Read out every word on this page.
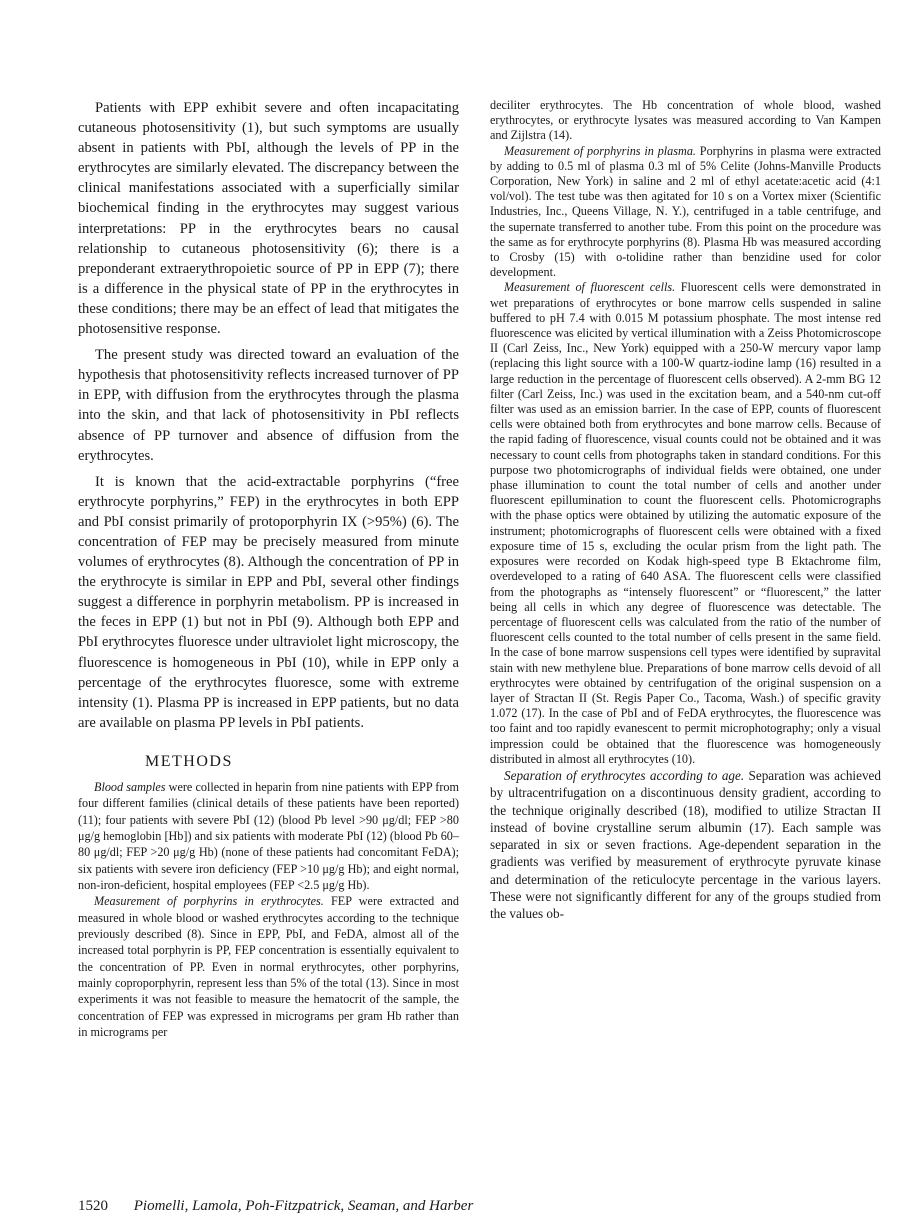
Patients with EPP exhibit severe and often incapacitating cutaneous photosensitivity (1), but such symptoms are usually absent in patients with PbI, although the levels of PP in the erythrocytes are similarly elevated. The discrepancy between the clinical manifestations associated with a superficially similar biochemical finding in the erythrocytes may suggest various interpretations: PP in the erythrocytes bears no causal relationship to cutaneous photosensitivity (6); there is a preponderant extraerythropoietic source of PP in EPP (7); there is a difference in the physical state of PP in the erythrocytes in these conditions; there may be an effect of lead that mitigates the photosensitive response.

The present study was directed toward an evaluation of the hypothesis that photosensitivity reflects increased turnover of PP in EPP, with diffusion from the erythrocytes through the plasma into the skin, and that lack of photosensitivity in PbI reflects absence of PP turnover and absence of diffusion from the erythrocytes.

It is known that the acid-extractable porphyrins (“free erythrocyte porphyrins,” FEP) in the erythrocytes in both EPP and PbI consist primarily of protoporphyrin IX (>95%) (6). The concentration of FEP may be precisely measured from minute volumes of erythrocytes (8). Although the concentration of PP in the erythrocyte is similar in EPP and PbI, several other findings suggest a difference in porphyrin metabolism. PP is increased in the feces in EPP (1) but not in PbI (9). Although both EPP and PbI erythrocytes fluoresce under ultraviolet light microscopy, the fluorescence is homogeneous in PbI (10), while in EPP only a percentage of the erythrocytes fluoresce, some with extreme intensity (1). Plasma PP is increased in EPP patients, but no data are available on plasma PP levels in PbI patients.

METHODS

Blood samples were collected in heparin from nine patients with EPP from four different families (clinical details of these patients have been reported) (11); four patients with severe PbI (12) (blood Pb level >90 μg/dl; FEP >80 μg/g hemoglobin [Hb]) and six patients with moderate PbI (12) (blood Pb 60–80 μg/dl; FEP >20 μg/g Hb) (none of these patients had concomitant FeDA); six patients with severe iron deficiency (FEP >10 μg/g Hb); and eight normal, non-iron-deficient, hospital employees (FEP <2.5 μg/g Hb).

Measurement of porphyrins in erythrocytes. FEP were extracted and measured in whole blood or washed erythrocytes according to the technique previously described (8). Since in EPP, PbI, and FeDA, almost all of the increased total porphyrin is PP, FEP concentration is essentially equivalent to the concentration of PP. Even in normal erythrocytes, other porphyrins, mainly coproporphyrin, represent less than 5% of the total (13). Since in most experiments it was not feasible to measure the hematocrit of the sample, the concentration of FEP was expressed in micrograms per gram Hb rather than in micrograms per

deciliter erythrocytes. The Hb concentration of whole blood, washed erythrocytes, or erythrocyte lysates was measured according to Van Kampen and Zijlstra (14).

Measurement of porphyrins in plasma. Porphyrins in plasma were extracted by adding to 0.5 ml of plasma 0.3 ml of 5% Celite (Johns-Manville Products Corporation, New York) in saline and 2 ml of ethyl acetate:acetic acid (4:1 vol/vol). The test tube was then agitated for 10 s on a Vortex mixer (Scientific Industries, Inc., Queens Village, N. Y.), centrifuged in a table centrifuge, and the supernate transferred to another tube. From this point on the procedure was the same as for erythrocyte porphyrins (8). Plasma Hb was measured according to Crosby (15) with o-tolidine rather than benzidine used for color development.

Measurement of fluorescent cells. Fluorescent cells were demonstrated in wet preparations of erythrocytes or bone marrow cells suspended in saline buffered to pH 7.4 with 0.015 M potassium phosphate. The most intense red fluorescence was elicited by vertical illumination with a Zeiss Photomicroscope II (Carl Zeiss, Inc., New York) equipped with a 250-W mercury vapor lamp (replacing this light source with a 100-W quartz-iodine lamp (16) resulted in a large reduction in the percentage of fluorescent cells observed). A 2-mm BG 12 filter (Carl Zeiss, Inc.) was used in the excitation beam, and a 540-nm cut-off filter was used as an emission barrier. In the case of EPP, counts of fluorescent cells were obtained both from erythrocytes and bone marrow cells. Because of the rapid fading of fluorescence, visual counts could not be obtained and it was necessary to count cells from photographs taken in standard conditions. For this purpose two photomicrographs of individual fields were obtained, one under phase illumination to count the total number of cells and another under fluorescent epillumination to count the fluorescent cells. Photomicrographs with the phase optics were obtained by utilizing the automatic exposure of the instrument; photomicrographs of fluorescent cells were obtained with a fixed exposure time of 15 s, excluding the ocular prism from the light path. The exposures were recorded on Kodak high-speed type B Ektachrome film, overdeveloped to a rating of 640 ASA. The fluorescent cells were classified from the photographs as “intensely fluorescent” or “fluorescent,” the latter being all cells in which any degree of fluorescence was detectable. The percentage of fluorescent cells was calculated from the ratio of the number of fluorescent cells counted to the total number of cells present in the same field. In the case of bone marrow suspensions cell types were identified by supravital stain with new methylene blue. Preparations of bone marrow cells devoid of all erythrocytes were obtained by centrifugation of the original suspension on a layer of Stractan II (St. Regis Paper Co., Tacoma, Wash.) of specific gravity 1.072 (17). In the case of PbI and of FeDA erythrocytes, the fluorescence was too faint and too rapidly evanescent to permit microphotography; only a visual impression could be obtained that the fluorescence was homogeneously distributed in almost all erythrocytes (10).

Separation of erythrocytes according to age. Separation was achieved by ultracentrifugation on a discontinuous density gradient, according to the technique originally described (18), modified to utilize Stractan II instead of bovine crystalline serum albumin (17). Each sample was separated in six or seven fractions. Age-dependent separation in the gradients was verified by measurement of erythrocyte pyruvate kinase and determination of the reticulocyte percentage in the various layers. These were not significantly different for any of the groups studied from the values ob-

1520 Piomelli, Lamola, Poh-Fitzpatrick, Seaman, and Harber
